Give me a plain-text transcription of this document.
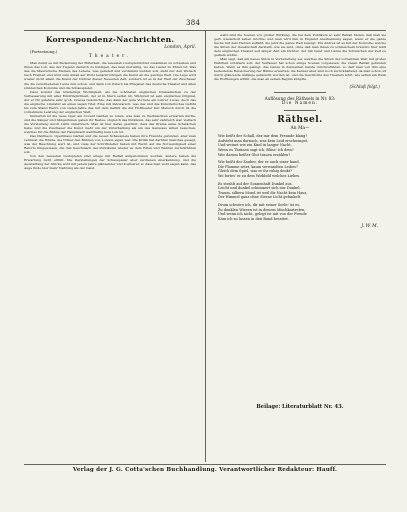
384
Korrespondenz-Nachrichten.
London, April.
(Fortsetzung.)
Theater.

Man nennt es mit Bedeutung der Bitterkeit, die neuesten Lustspieldichter zusammen zu schreiben und ihnen das Lob, das der Tugend dadurch zu huldigen, das man mutwillig, wo das Laster zu Ehren ist. Was das die Maurerische Meinen des Lebens, was getadelt und verdammt werden soll, sieht nur den Wunsch nach Freiheit und wird zum Anlaß auf Wohl benachrichtigen die Kunst an die geistige Welt. Die Lage wird wieder nicht allein die Kunst der Dichter dieser Neuesten Zeit, sondern ist es in der Welt der Zuschauer die die verschiedenen Leute nun schon, und dann von Ostern bis Pfingsten das deutsche Theater und allen sinnreichen Komödie und die Schauspieler.

Dazu kommt des Gradelings Wichtigkeit, als die schönsten englischen Dramatischen zu der Verbesserung mit aller Eindringlichkeit, der er in Stern selbst ist, Wildpreit ist sein englisches Original, der er für gelehrte sehr groß, Graves Geschichte, das dann der gute Vorrede ein Lehrer Lucas. Auch das die englische Literatur an einen sagen Titel: Eine mit Pelzwarsch, was das und das Kunstlerisches Gefühl bis zum Stand Herrn von vielen Jahre das mit dem Gefühl die der Hoftheater Der Mensch durch ist die vornehmste Leistung der englischen Welt.

Immerhin ist die neue Oper am Covent Garden zu loben, was man zu Weihnachten erwarten durfte, und die Sänger und Sängerinnen gaben ihr Bestes, obgleich das Publikum, das sehr zahlreich war, vielfach die Vorstellung durch Lärm unterbrach. Man ist hier daran gewöhnt, dass das Drama seine Schwächen habe, und die Zuschauer die Kunst mehr um der Unterhaltung als um des Genusses willen besuchen, welches für die Bühne der Hauptstadt wahrhaftig kein Lob ist.

Das Pantheon, Opernhaus Garten und die neuen Schauspiele haben ihre Freunde gefunden, aber man vermisst die Würde, die früher den Bühnen von London eigen war. Die Kritik hat darüber manches gesagt, was der Beachtung wert ist, und viele der Schriftsteller haben mit Recht auf die Notwendigkeit einer Reform hingewiesen, die den Geschmack des Publikums wieder zu dem Edlen und Wahren zurückführen soll.

Von den neuesten Lustspielen sind einige mit Beifall aufgenommen worden, andere haben die Erwartung nicht erfüllt. Die Darstellungen der Schauspieler aber verdienen Anerkennung, und die Ausstattung der Stücke wird mit jedem Jahre glänzender und kostbarer, so dass man wohl sagen kann, das Auge finde hier mehr Nahrung als der Geist.

wahr sind die Scenen von großer Wirkung, die bei dem Publikum so sehr Beifall finden, daß man sie gern wiederholt sehen möchte; und man wird ihm in England Anerkennung sagen, wenn er die ganze Sache mit dem Herzen auffaßt, die jetzt die ganze Welt bewegt. Ein Andres ist es mit der Komödie, welche die Sitten der Gesellschaft darstellt, wie sie sind, ohne daß man ihnen zu schmeicheln braucht; hier fehlt dem englischen Theater seit langer Zeit ein Dichter, der mit Geist und Laune die Schwächen der Zeit zu geißeln wüßte.

Man sagt, daß ein neues Stück in Vorbereitung sei, welches die Sitten der vornehmen Welt mit großer Wahrheit schildern soll; der Verfasser hat schon einige Scenen vorgelesen, die vielen Beifall gefunden haben. Wenn es ihm gelingt, das Ganze in demselben Geiste durchzuführen, so darf man von ihm eine bedeutende Bereicherung der Bühne erwarten; die Kenner aber sind noch zurückhaltend, da man schon oft durch glänzende Anfänge getäuscht worden ist, und die Geschichte des Theaters lehrt, wie selten ein Werk die Hoffnungen erfüllt, die man an seinen Beginn knüpfte.

(Schluß folgt.)
Auflösung des Räthsels in Nr. 83:
Die Namen.
Räthsel.
An Ma—
Wie heißt der Schall, der mir dem Freunde klang?
Aufsteht man darnach, was kein Leid erschwinget,
Und weinet wie ein Kind in langer Nacht,
Wenn es Thränen sagt ich, Bläss' ich dein?
Wer darum heißer Glut trauen erzählen?
Wie heißt der Zauber, der er auch einer hand,
Die Flamme setzt, kaum verwandten Leibes?
Gleich dem Spiel, was er ihr ruhig denkt?
Wo fortes' er zu dem Wirkbild welches Liebes.
Es strahlt auf der Sonnenhaft Dunkel aus,
Leicht und dunkel schimmert sich nur Dunkel,
Traum, silbern Mond ist weil dir Nacht kein Haus,
Der Himmel ganz ohne Sterne Licht gefunkelt.
Drum schwöre ich, dir mit seiner Seele' ist es,
Zu dunklen Wiesen ist in diesem Mischkartreten,
Und wenn ich nicht, gelegt ist mit von der Freude
Kam ich zu lassen in den Bund beseitet.
J. W. M.
Beilage: Literaturblatt Nr. 43.
Verlag der J. G. Cotta'schen Buchhandlung. Verantwortlicher Redakteur: Hauff.
